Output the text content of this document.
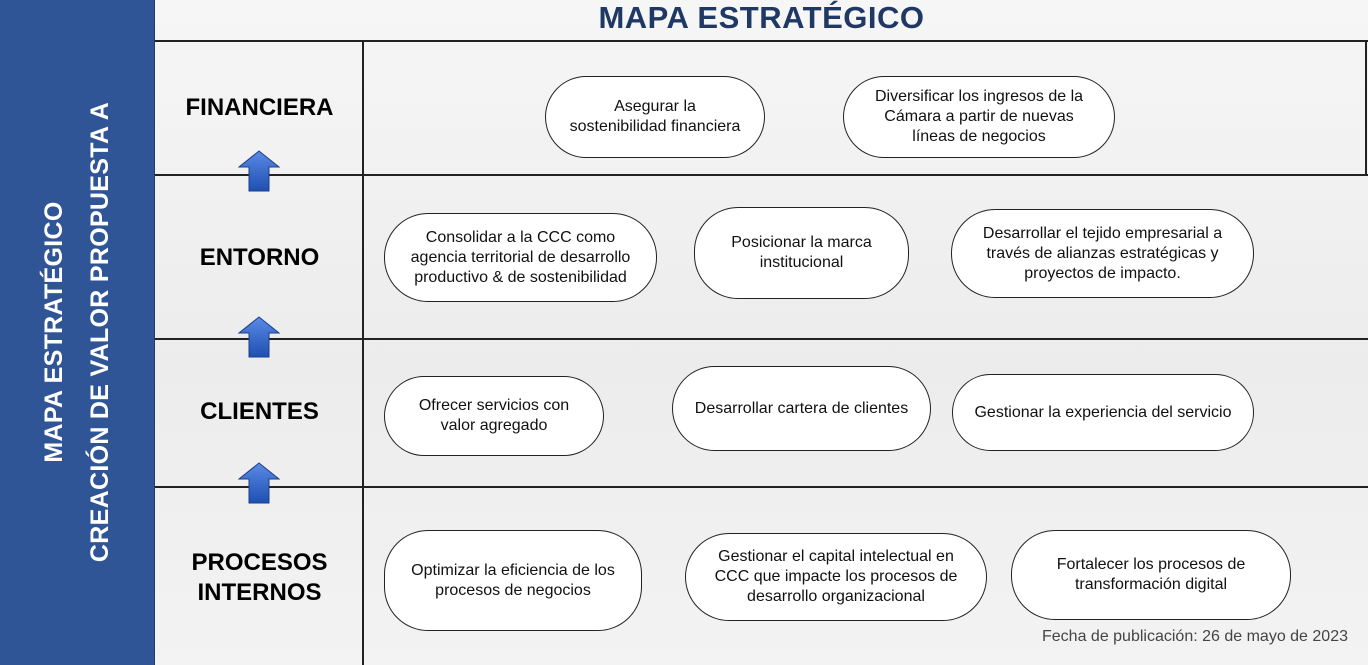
MAPA ESTRATÉGICO CREACIÓN DE VALOR PROPUESTA A
MAPA ESTRATÉGICO
FINANCIERA
ENTORNO
CLIENTES
PROCESOS
INTERNOS
Asegurar la sostenibilidad financiera
Diversificar los ingresos de la Cámara a partir de nuevas líneas de negocios
Consolidar a la CCC como agencia territorial de desarrollo productivo & de sostenibilidad
Posicionar la marca institucional
Desarrollar el tejido empresarial a través de alianzas estratégicas y proyectos de impacto.
Ofrecer servicios con valor agregado
Desarrollar cartera de clientes	Gestionar la experiencia del servicio
Optimizar la eficiencia de los procesos de negocios
Gestionar el capital intelectual en CCC que impacte los procesos de desarrollo organizacional
Fortalecer los procesos de transformación digital
Fecha de publicación: 26 de mayo de 2023
